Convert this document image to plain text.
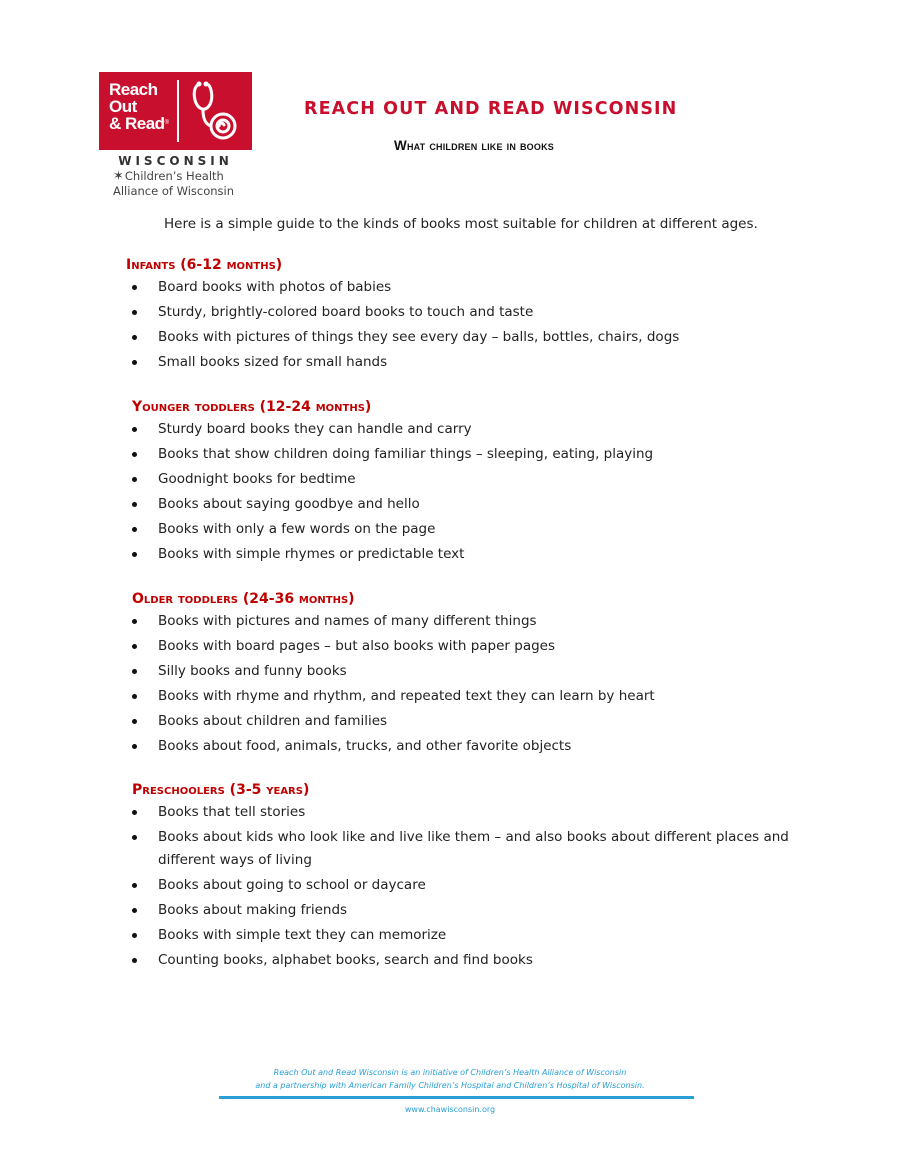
Reach
Out
& Read®
WISCONSIN
✶Children’s Health
Alliance of Wisconsin
REACH OUT AND READ WISCONSIN
What children like in books
Here is a simple guide to the kinds of books most suitable for children at different ages.
Infants (6-12 months)
Board books with photos of babies
Sturdy, brightly-colored board books to touch and taste
Books with pictures of things they see every day – balls, bottles, chairs, dogs
Small books sized for small hands
Younger toddlers (12-24 months)
Sturdy board books they can handle and carry
Books that show children doing familiar things – sleeping, eating, playing
Goodnight books for bedtime
Books about saying goodbye and hello
Books with only a few words on the page
Books with simple rhymes or predictable text
Older toddlers (24-36 months)
Books with pictures and names of many different things
Books with board pages – but also books with paper pages
Silly books and funny books
Books with rhyme and rhythm, and repeated text they can learn by heart
Books about children and families
Books about food, animals, trucks, and other favorite objects
Preschoolers (3-5 years)
Books that tell stories
Books about kids who look like and live like them – and also books about different places and different ways of living
Books about going to school or daycare
Books about making friends
Books with simple text they can memorize
Counting books, alphabet books, search and find books
Reach Out and Read Wisconsin is an initiative of Children’s Health Alliance of Wisconsin
and a partnership with American Family Children’s Hospital and Children’s Hospital of Wisconsin.
www.chawisconsin.org
